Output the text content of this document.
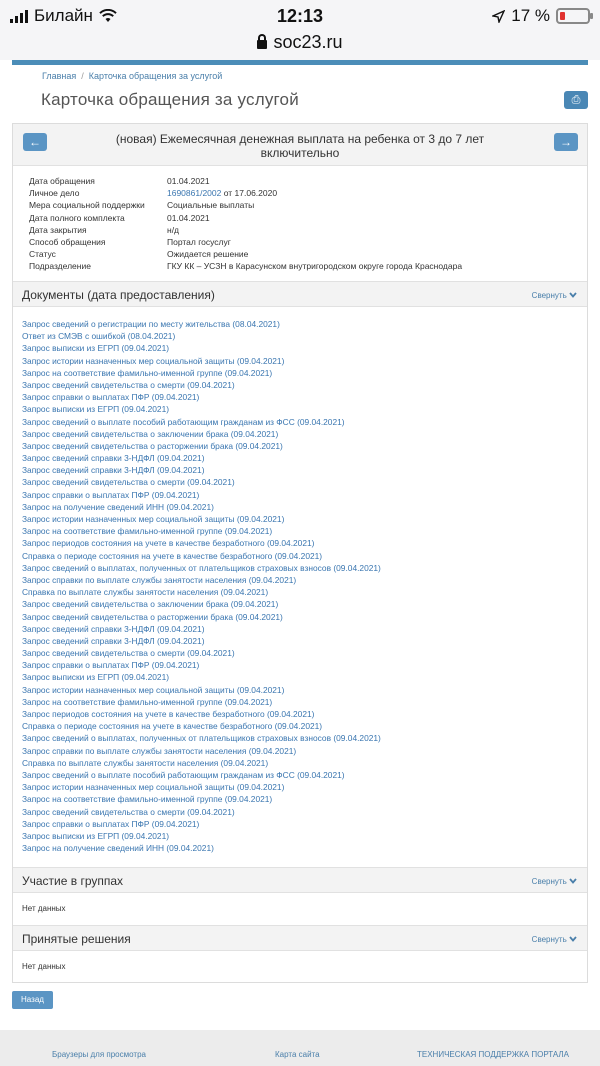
Билайн	12:13	17 %
soc23.ru
Главная / Карточка обращения за услугой
Карточка обращения за услугой	⎙
←	(новая) Ежемесячная денежная выплата на ребенка от 3 до 7 лет включительно
→
Дата обращения	01.04.2021
Личное дело	1690861/2002 от 17.06.2020
Мера социальной поддержки	Социальные выплаты
Дата полного комплекта	01.04.2021
Дата закрытия	н/д
Способ обращения	Портал госуслуг
Статус	Ожидается решение
Подразделение	ГКУ КК – УСЗН в Карасунском внутригородском округе города Краснодара
Документы (дата предоставления)	Свернуть
Запрос сведений о регистрации по месту жительства (08.04.2021)
Ответ из СМЭВ с ошибкой (08.04.2021)
Запрос выписки из ЕГРП (09.04.2021)
Запрос истории назначенных мер социальной защиты (09.04.2021)
Запрос на соответствие фамильно-именной группе (09.04.2021)
Запрос сведений свидетельства о смерти (09.04.2021)
Запрос справки о выплатах ПФР (09.04.2021)
Запрос выписки из ЕГРП (09.04.2021)
Запрос сведений о выплате пособий работающим гражданам из ФСС (09.04.2021)
Запрос сведений свидетельства о заключении брака (09.04.2021)
Запрос сведений свидетельства о расторжении брака (09.04.2021)
Запрос сведений справки 3-НДФЛ (09.04.2021)
Запрос сведений справки 3-НДФЛ (09.04.2021)
Запрос сведений свидетельства о смерти (09.04.2021)
Запрос справки о выплатах ПФР (09.04.2021)
Запрос на получение сведений ИНН (09.04.2021)
Запрос истории назначенных мер социальной защиты (09.04.2021)
Запрос на соответствие фамильно-именной группе (09.04.2021)
Запрос периодов состояния на учете в качестве безработного (09.04.2021)
Справка о периоде состояния на учете в качестве безработного (09.04.2021)
Запрос сведений о выплатах, полученных от плательщиков страховых взносов (09.04.2021)
Запрос справки по выплате службы занятости населения (09.04.2021)
Справка по выплате службы занятости населения (09.04.2021)
Запрос сведений свидетельства о заключении брака (09.04.2021)
Запрос сведений свидетельства о расторжении брака (09.04.2021)
Запрос сведений справки 3-НДФЛ (09.04.2021)
Запрос сведений справки 3-НДФЛ (09.04.2021)
Запрос сведений свидетельства о смерти (09.04.2021)
Запрос справки о выплатах ПФР (09.04.2021)
Запрос выписки из ЕГРП (09.04.2021)
Запрос истории назначенных мер социальной защиты (09.04.2021)
Запрос на соответствие фамильно-именной группе (09.04.2021)
Запрос периодов состояния на учете в качестве безработного (09.04.2021)
Справка о периоде состояния на учете в качестве безработного (09.04.2021)
Запрос сведений о выплатах, полученных от плательщиков страховых взносов (09.04.2021)
Запрос справки по выплате службы занятости населения (09.04.2021)
Справка по выплате службы занятости населения (09.04.2021)
Запрос сведений о выплате пособий работающим гражданам из ФСС (09.04.2021)
Запрос истории назначенных мер социальной защиты (09.04.2021)
Запрос на соответствие фамильно-именной группе (09.04.2021)
Запрос сведений свидетельства о смерти (09.04.2021)
Запрос справки о выплатах ПФР (09.04.2021)
Запрос выписки из ЕГРП (09.04.2021)
Запрос на получение сведений ИНН (09.04.2021)
Участие в группах	Свернуть
Нет данных
Принятые решения	Свернуть
Нет данных
Назад
Браузеры для просмотра	Карта сайта	ТЕХНИЧЕСКАЯ ПОДДЕРЖКА ПОРТАЛА
